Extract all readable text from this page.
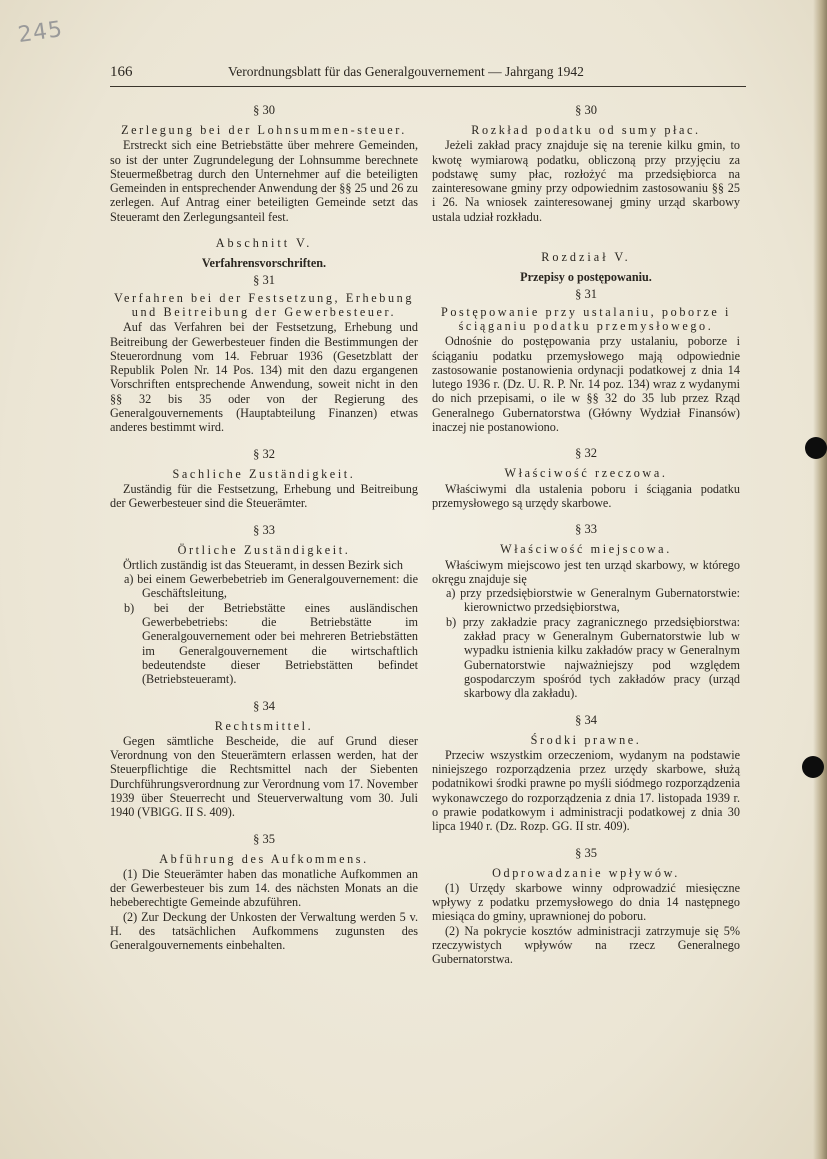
245
166	Verordnungsblatt für das Generalgouvernement — Jahrgang 1942

§ 30

Zerlegung bei der Lohnsummen-steuer.

Erstreckt sich eine Betriebstätte über mehrere Gemeinden, so ist der unter Zugrundelegung der Lohnsumme berechnete Steuermeßbetrag durch den Unternehmer auf die beteiligten Gemeinden in entsprechender Anwendung der §§ 25 und 26 zu zerlegen. Auf Antrag einer beteiligten Gemeinde setzt das Steueramt den Zerlegungsanteil fest.

Abschnitt V.

Verfahrensvorschriften.

§ 31

Verfahren bei der Festsetzung, Erhebung und Beitreibung der Gewerbesteuer.

Auf das Verfahren bei der Festsetzung, Erhebung und Beitreibung der Gewerbesteuer finden die Bestimmungen der Steuerordnung vom 14. Februar 1936 (Gesetzblatt der Republik Polen Nr. 14 Pos. 134) mit den dazu ergangenen Vorschriften entsprechende Anwendung, soweit nicht in den §§ 32 bis 35 oder von der Regierung des Generalgouvernements (Hauptabteilung Finanzen) etwas anderes bestimmt wird.

§ 32

Sachliche Zuständigkeit.

Zuständig für die Festsetzung, Erhebung und Beitreibung der Gewerbesteuer sind die Steuerämter.

§ 33

Örtliche Zuständigkeit.

Örtlich zuständig ist das Steueramt, in dessen Bezirk sich

a) bei einem Gewerbebetrieb im Generalgouvernement: die Geschäftsleitung,

b) bei der Betriebstätte eines ausländischen Gewerbebetriebs: die Betriebstätte im Generalgouvernement oder bei mehreren Betriebstätten im Generalgouvernement die wirtschaftlich bedeutendste dieser Betriebstätten befindet (Betriebsteueramt).

§ 34

Rechtsmittel.

Gegen sämtliche Bescheide, die auf Grund dieser Verordnung von den Steuerämtern erlassen werden, hat der Steuerpflichtige die Rechtsmittel nach der Siebenten Durchführungsverordnung zur Verordnung vom 17. November 1939 über Steuerrecht und Steuerverwaltung vom 30. Juli 1940 (VBlGG. II S. 409).

§ 35

Abführung des Aufkommens.

(1) Die Steuerämter haben das monatliche Aufkommen an der Gewerbesteuer bis zum 14. des nächsten Monats an die hebeberechtigte Gemeinde abzuführen.

(2) Zur Deckung der Unkosten der Verwaltung werden 5 v. H. des tatsächlichen Aufkommens zugunsten des Generalgouvernements einbehalten.

§ 30

Rozkład podatku od sumy płac.

Jeżeli zakład pracy znajduje się na terenie kilku gmin, to kwotę wymiarową podatku, obliczoną przy przyjęciu za podstawę sumy płac, rozłożyć ma przedsiębiorca na zainteresowane gminy przy odpowiednim zastosowaniu §§ 25 i 26. Na wniosek zainteresowanej gminy urząd skarbowy ustala udział rozkładu.

Rozdział V.

Przepisy o postępowaniu.

§ 31

Postępowanie przy ustalaniu, poborze i ściąganiu podatku przemysłowego.

Odnośnie do postępowania przy ustalaniu, poborze i ściąganiu podatku przemysłowego mają odpowiednie zastosowanie postanowienia ordynacji podatkowej z dnia 14 lutego 1936 r. (Dz. U. R. P. Nr. 14 poz. 134) wraz z wydanymi do nich przepisami, o ile w §§ 32 do 35 lub przez Rząd Generalnego Gubernatorstwa (Główny Wydział Finansów) inaczej nie postanowiono.

§ 32

Właściwość rzeczowa.

Właściwymi dla ustalenia poboru i ściągania podatku przemysłowego są urzędy skarbowe.

§ 33

Właściwość miejscowa.

Właściwym miejscowo jest ten urząd skarbowy, w którego okręgu znajduje się

a) przy przedsiębiorstwie w Generalnym Gubernatorstwie: kierownictwo przedsiębiorstwa,

b) przy zakładzie pracy zagranicznego przedsiębiorstwa: zakład pracy w Generalnym Gubernatorstwie lub w wypadku istnienia kilku zakładów pracy w Generalnym Gubernatorstwie najważniejszy pod względem gospodarczym spośród tych zakładów pracy (urząd skarbowy dla zakładu).

§ 34

Środki prawne.

Przeciw wszystkim orzeczeniom, wydanym na podstawie niniejszego rozporządzenia przez urzędy skarbowe, służą podatnikowi środki prawne po myśli siódmego rozporządzenia wykonawczego do rozporządzenia z dnia 17. listopada 1939 r. o prawie podatkowym i administracji podatkowej z dnia 30 lipca 1940 r. (Dz. Rozp. GG. II str. 409).

§ 35

Odprowadzanie wpływów.

(1) Urzędy skarbowe winny odprowadzić miesięczne wpływy z podatku przemysłowego do dnia 14 następnego miesiąca do gminy, uprawnionej do poboru.

(2) Na pokrycie kosztów administracji zatrzymuje się 5% rzeczywistych wpływów na rzecz Generalnego Gubernatorstwa.
